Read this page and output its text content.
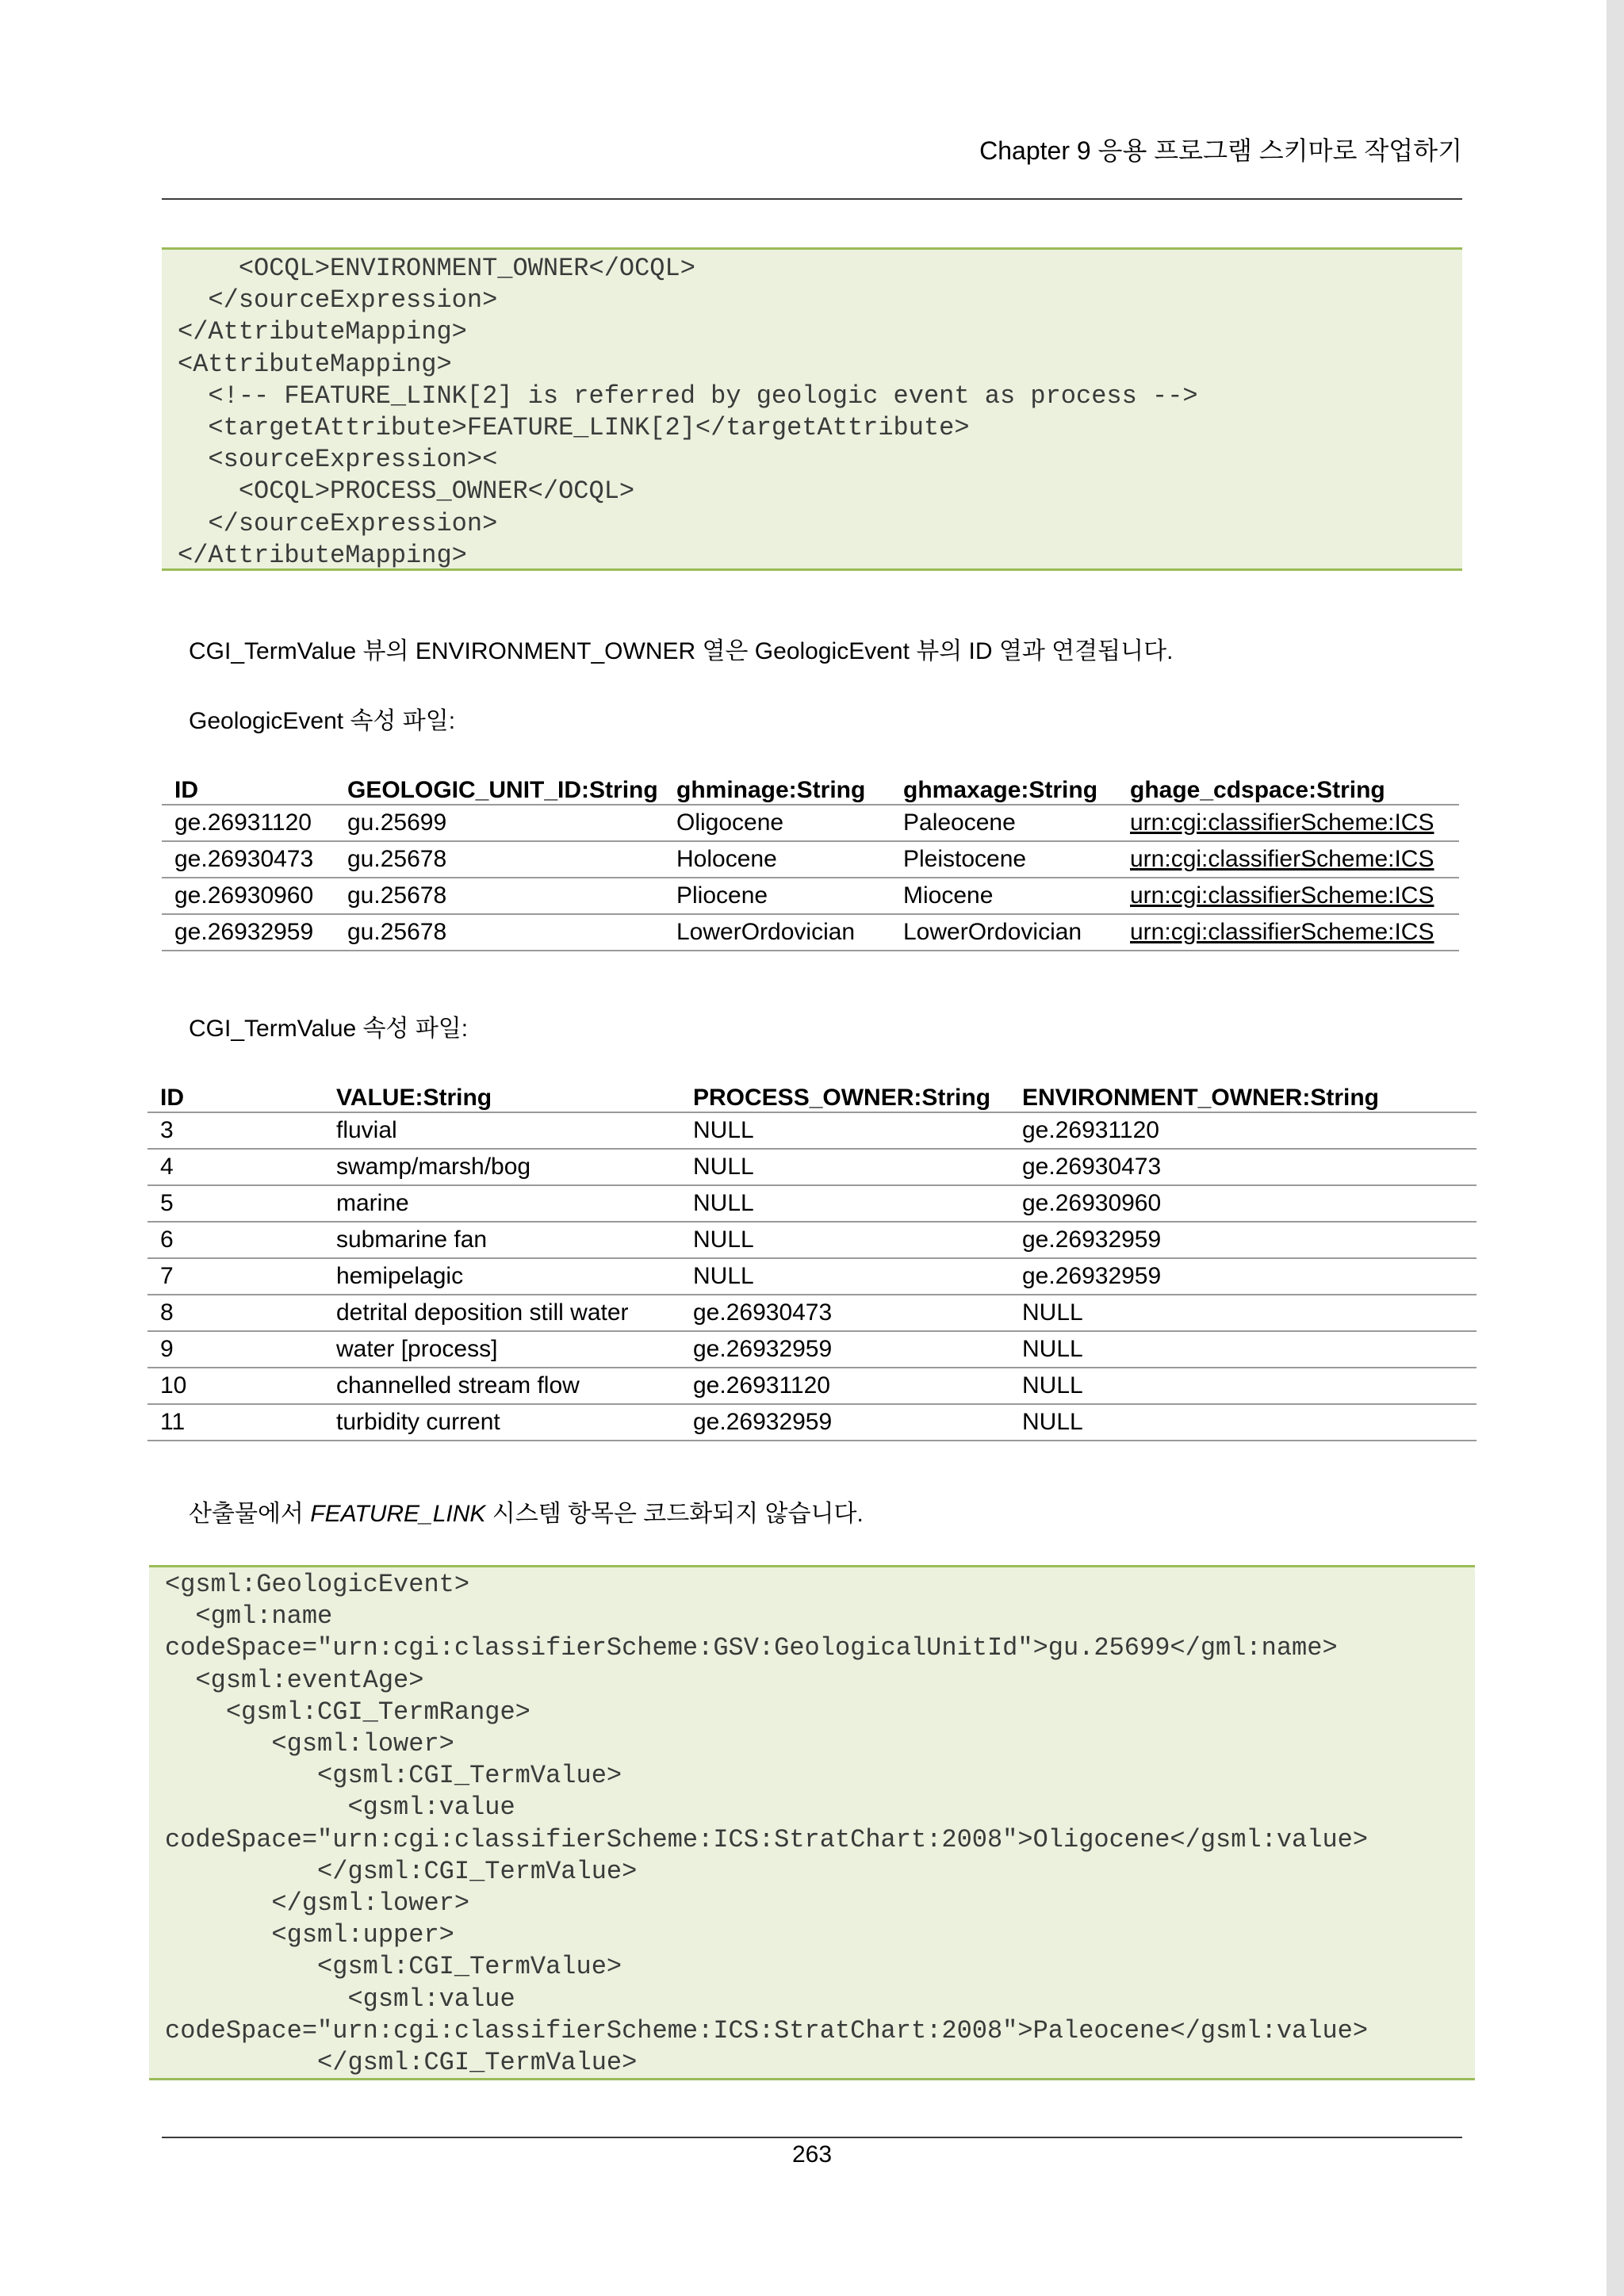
Chapter 9 응용 프로그램 스키마로 작업하기
<OCQL>ENVIRONMENT_OWNER</OCQL>
</sourceExpression>
</AttributeMapping>
<AttributeMapping>
<!-- FEATURE_LINK[2] is referred by geologic event as process -->
<targetAttribute>FEATURE_LINK[2]</targetAttribute>
<sourceExpression><
<OCQL>PROCESS_OWNER</OCQL>
</sourceExpression>
</AttributeMapping>
CGI_TermValue 뷰의 ENVIRONMENT_OWNER 열은 GeologicEvent 뷰의 ID 열과 연결됩니다.
GeologicEvent 속성 파일:
ID	GEOLOGIC_UNIT_ID:String	ghminage:String	ghmaxage:String	ghage_cdspace:String
ge.26931120	gu.25699	Oligocene	Paleocene	urn:cgi:classifierScheme:ICS
ge.26930473	gu.25678	Holocene	Pleistocene	urn:cgi:classifierScheme:ICS
ge.26930960	gu.25678	Pliocene	Miocene	urn:cgi:classifierScheme:ICS
ge.26932959	gu.25678	LowerOrdovician	LowerOrdovician	urn:cgi:classifierScheme:ICS
CGI_TermValue 속성 파일:
ID	VALUE:String	PROCESS_OWNER:String	ENVIRONMENT_OWNER:String
3	fluvial	NULL	ge.26931120
4	swamp/marsh/bog	NULL	ge.26930473
5	marine	NULL	ge.26930960
6	submarine fan	NULL	ge.26932959
7	hemipelagic	NULL	ge.26932959
8	detrital deposition still water	ge.26930473	NULL
9	water [process]	ge.26932959	NULL
10	channelled stream flow	ge.26931120	NULL
11	turbidity current	ge.26932959	NULL
산출물에서 FEATURE_LINK 시스템 항목은 코드화되지 않습니다.
<gsml:GeologicEvent>
<gml:name
codeSpace="urn:cgi:classifierScheme:GSV:GeologicalUnitId">gu.25699</gml:name>
<gsml:eventAge>
<gsml:CGI_TermRange>
<gsml:lower>
<gsml:CGI_TermValue>
<gsml:value
codeSpace="urn:cgi:classifierScheme:ICS:StratChart:2008">Oligocene</gsml:value>
</gsml:CGI_TermValue>
</gsml:lower>
<gsml:upper>
<gsml:CGI_TermValue>
<gsml:value
codeSpace="urn:cgi:classifierScheme:ICS:StratChart:2008">Paleocene</gsml:value>
</gsml:CGI_TermValue>
263
